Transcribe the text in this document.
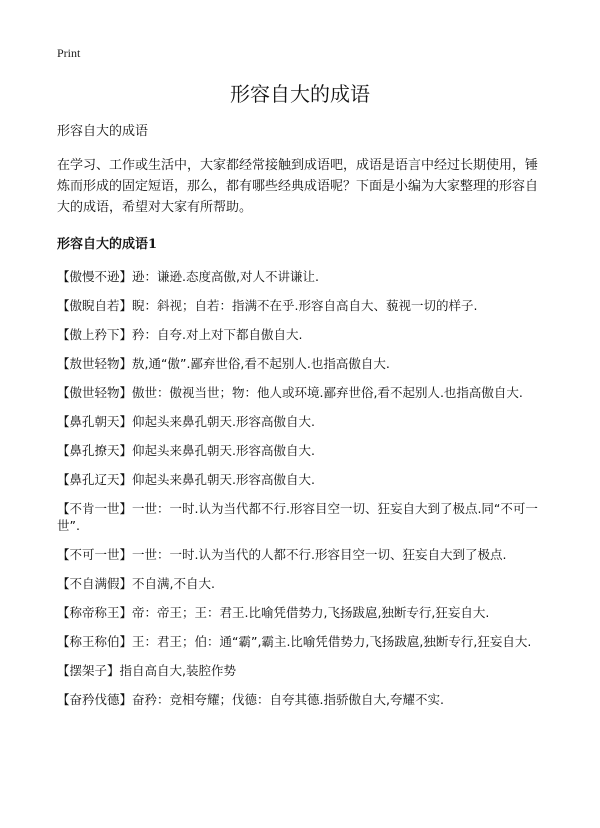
Print
形容自大的成语

形容自大的成语

在学习、工作或生活中，大家都经常接触到成语吧，成语是语言中经过长期使用，锤炼而形成的固定短语，那么，都有哪些经典成语呢？下面是小编为大家整理的形容自大的成语，希望对大家有所帮助。

形容自大的成语1

【傲慢不逊】逊：谦逊.态度高傲,对人不讲谦让.

【傲睨自若】睨：斜视；自若：指满不在乎.形容自高自大、藐视一切的样子.

【傲上矜下】矜：自夸.对上对下都自傲自大.

【敖世轻物】敖,通“傲”.鄙弃世俗,看不起别人.也指高傲自大.

【傲世轻物】傲世：傲视当世；物：他人或环境.鄙弃世俗,看不起别人.也指高傲自大.

【鼻孔朝天】仰起头来鼻孔朝天.形容高傲自大.

【鼻孔撩天】仰起头来鼻孔朝天.形容高傲自大.

【鼻孔辽天】仰起头来鼻孔朝天.形容高傲自大.

【不肯一世】一世：一时.认为当代都不行.形容目空一切、狂妄自大到了极点.同“不可一世”.

【不可一世】一世：一时.认为当代的人都不行.形容目空一切、狂妄自大到了极点.

【不自满假】不自满,不自大.

【称帝称王】帝：帝王；王：君王.比喻凭借势力,飞扬跋扈,独断专行,狂妄自大.

【称王称伯】王：君王；伯：通“霸”,霸主.比喻凭借势力,飞扬跋扈,独断专行,狂妄自大.

【摆架子】指自高自大,装腔作势

【奋矜伐德】奋矜：竞相夸耀；伐德：自夸其德.指骄傲自大,夸耀不实.
